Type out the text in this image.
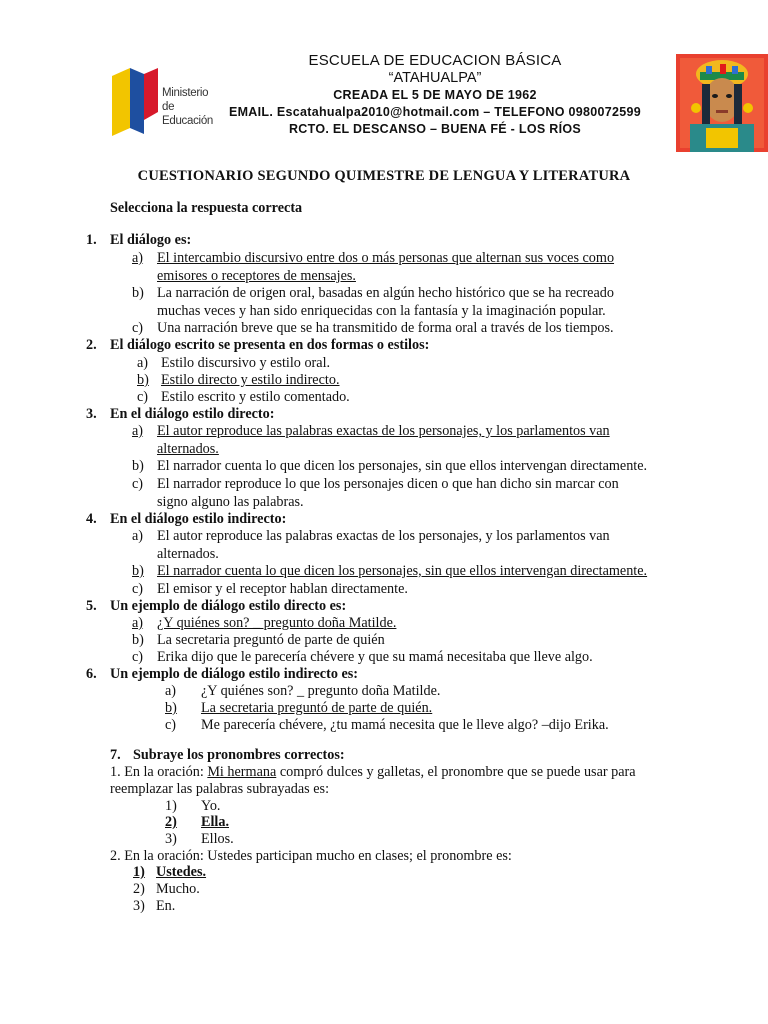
Ministerio
de
Educación
ESCUELA DE EDUCACION BÁSICA
“ATAHUALPA”
CREADA EL 5 DE MAYO DE 1962
EMAIL. Escatahualpa2010@hotmail.com – TELEFONO 0980072599
RCTO. EL DESCANSO – BUENA FÉ - LOS RÍOS
CUESTIONARIO SEGUNDO QUIMESTRE DE LENGUA Y LITERATURA
Selecciona la respuesta correcta
1. El diálogo es:
a) El intercambio discursivo entre dos o más personas que alternan sus voces como
emisores o receptores de mensajes.
b) La narración de origen oral, basadas en algún hecho histórico que se ha recreado
muchas veces y han sido enriquecidas con la fantasía y la imaginación popular.
c) Una narración breve que se ha transmitido de forma oral a través de los tiempos.
2. El diálogo escrito se presenta en dos formas o estilos:
a) Estilo discursivo y estilo oral.
b) Estilo directo y estilo indirecto.
c) Estilo escrito y estilo comentado.
3. En el diálogo estilo directo:
a) El autor reproduce las palabras exactas de los personajes, y los parlamentos van
alternados.
b) El narrador cuenta lo que dicen los personajes, sin que ellos intervengan directamente.
c) El narrador reproduce lo que los personajes dicen o que han dicho sin marcar con
signo alguno las palabras.
4. En el diálogo estilo indirecto:
a) El autor reproduce las palabras exactas de los personajes, y los parlamentos van
alternados.
b) El narrador cuenta lo que dicen los personajes, sin que ellos intervengan directamente.
c) El emisor y el receptor hablan directamente.
5. Un ejemplo de diálogo estilo directo es:
a) ¿Y quiénes son? _ pregunto doña Matilde.
b) La secretaria preguntó de parte de quién
c) Erika dijo que le parecería chévere y que su mamá necesitaba que lleve algo.
6. Un ejemplo de diálogo estilo indirecto es:
a) ¿Y quiénes son? _ pregunto doña Matilde.
b) La secretaria preguntó de parte de quién.
c) Me parecería chévere, ¿tu mamá necesita que le lleve algo? –dijo Erika.
7. Subraye los pronombres correctos:
1. En la oración: Mi hermana compró dulces y galletas, el pronombre que se puede usar para
reemplazar las palabras subrayadas es:
1) Yo.
2) Ella.
3) Ellos.
2. En la oración: Ustedes participan mucho en clases; el pronombre es:
1) Ustedes.
2) Mucho.
3) En.
